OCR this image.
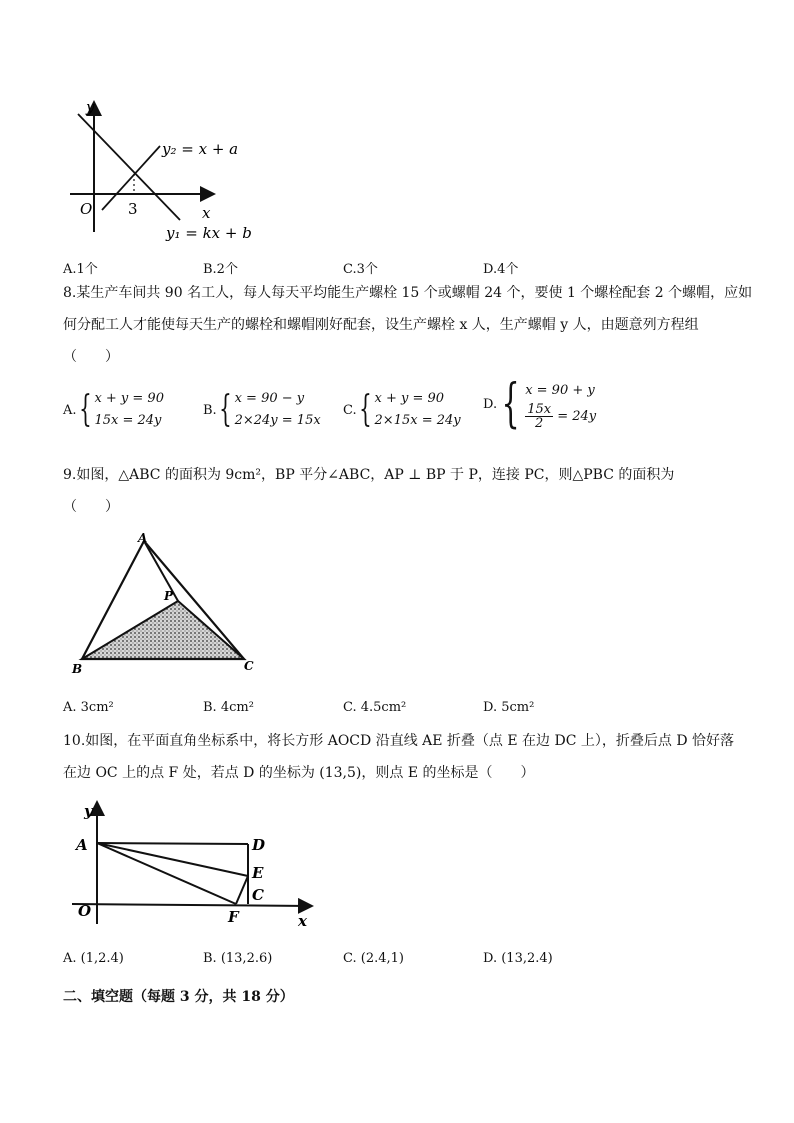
y
x
O 3
y₂ = x + a
y₁ = kx + b
A.1个	B.2个	C.3个	D.4个
8.某生产车间共 90 名工人，每人每天平均能生产螺栓 15 个或螺帽 24 个，要使 1 个螺栓配套 2 个螺帽，应如
何分配工人才能使每天生产的螺栓和螺帽刚好配套，设生产螺栓 x 人，生产螺帽 y 人，由题意列方程组
（　　）
A. { x + y = 90
15x = 24y
B. { x = 90 − y
2×24y = 15x
C. { x + y = 90
2×15x = 24y
D. { x = 90 + y
$\frac{15x}{2} = 24y$
9.如图，△ABC 的面积为 9cm²，BP 平分∠ABC，AP ⊥ BP 于 P，连接 PC，则△PBC 的面积为
（　　）
A
P
B	C
A. 3cm²	B. 4cm²	C. 4.5cm²	D. 5cm²
10.如图，在平面直角坐标系中，将长方形 AOCD 沿直线 AE 折叠（点 E 在边 DC 上），折叠后点 D 恰好落
在边 OC 上的点 F 处，若点 D 的坐标为 (13,5)，则点 E 的坐标是（　　）
y
A	D
E
C
O	F	x
A. (1,2.4)	B. (13,2.6)	C. (2.4,1)	D. (13,2.4)
二、填空题（每题 3 分，共 18 分）
